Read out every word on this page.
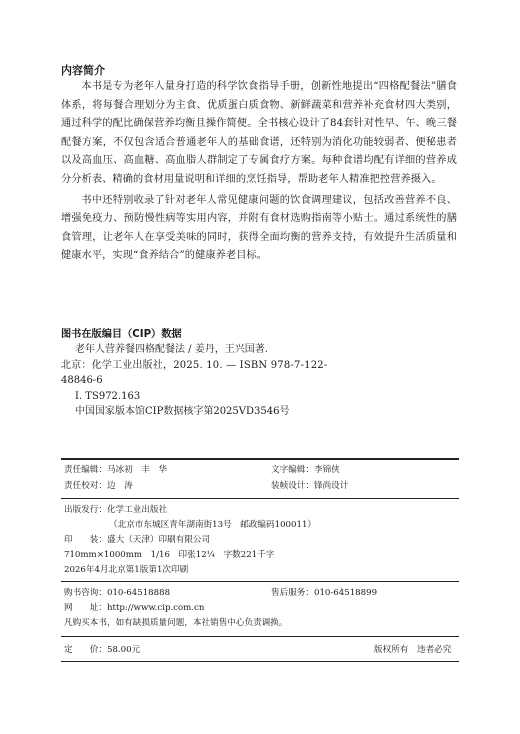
内容简介

本书是专为老年人量身打造的科学饮食指导手册，创新性地提出“四格配餐法”膳食体系，将每餐合理划分为主食、优质蛋白质食物、新鲜蔬菜和营养补充食材四大类别，通过科学的配比确保营养均衡且操作简便。全书核心设计了84套针对性早、午、晚三餐配餐方案，不仅包含适合普通老年人的基础食谱，还特别为消化功能较弱者、便秘患者以及高血压、高血糖、高血脂人群制定了专属食疗方案。每种食谱均配有详细的营养成分分析表、精确的食材用量说明和详细的烹饪指导，帮助老年人精准把控营养摄入。

书中还特别收录了针对老年人常见健康问题的饮食调理建议，包括改善营养不良、增强免疫力、预防慢性病等实用内容，并附有食材选购指南等小贴士。通过系统性的膳食管理，让老年人在享受美味的同时，获得全面均衡的营养支持，有效提升生活质量和健康水平，实现“食养结合”的健康养老目标。

图书在版编目（CIP）数据
老年人营养餐四格配餐法 / 姜丹，王兴国著.
北京：化学工业出版社，2025. 10. — ISBN 978-7-122-
48846-6
Ⅰ. TS972.163
中国国家版本馆CIP数据核字第2025VD3546号
责任编辑：马冰初　丰　华	文字编辑：李锦侠
责任校对：边　涛	装帧设计：锋尚设计
出版发行：化学工业出版社
（北京市东城区青年湖南街13号　邮政编码100011）
印　　装：盛大（天津）印刷有限公司
710mm×1000mm　1/16　印张12¼　字数221千字
2026年4月北京第1版第1次印刷
购书咨询：010-64518888	售后服务：010-64518899
网　　址：http://www.cip.com.cn
凡购买本书，如有缺损质量问题，本社销售中心负责调换。
定　　价：58.00元	版权所有　违者必究
